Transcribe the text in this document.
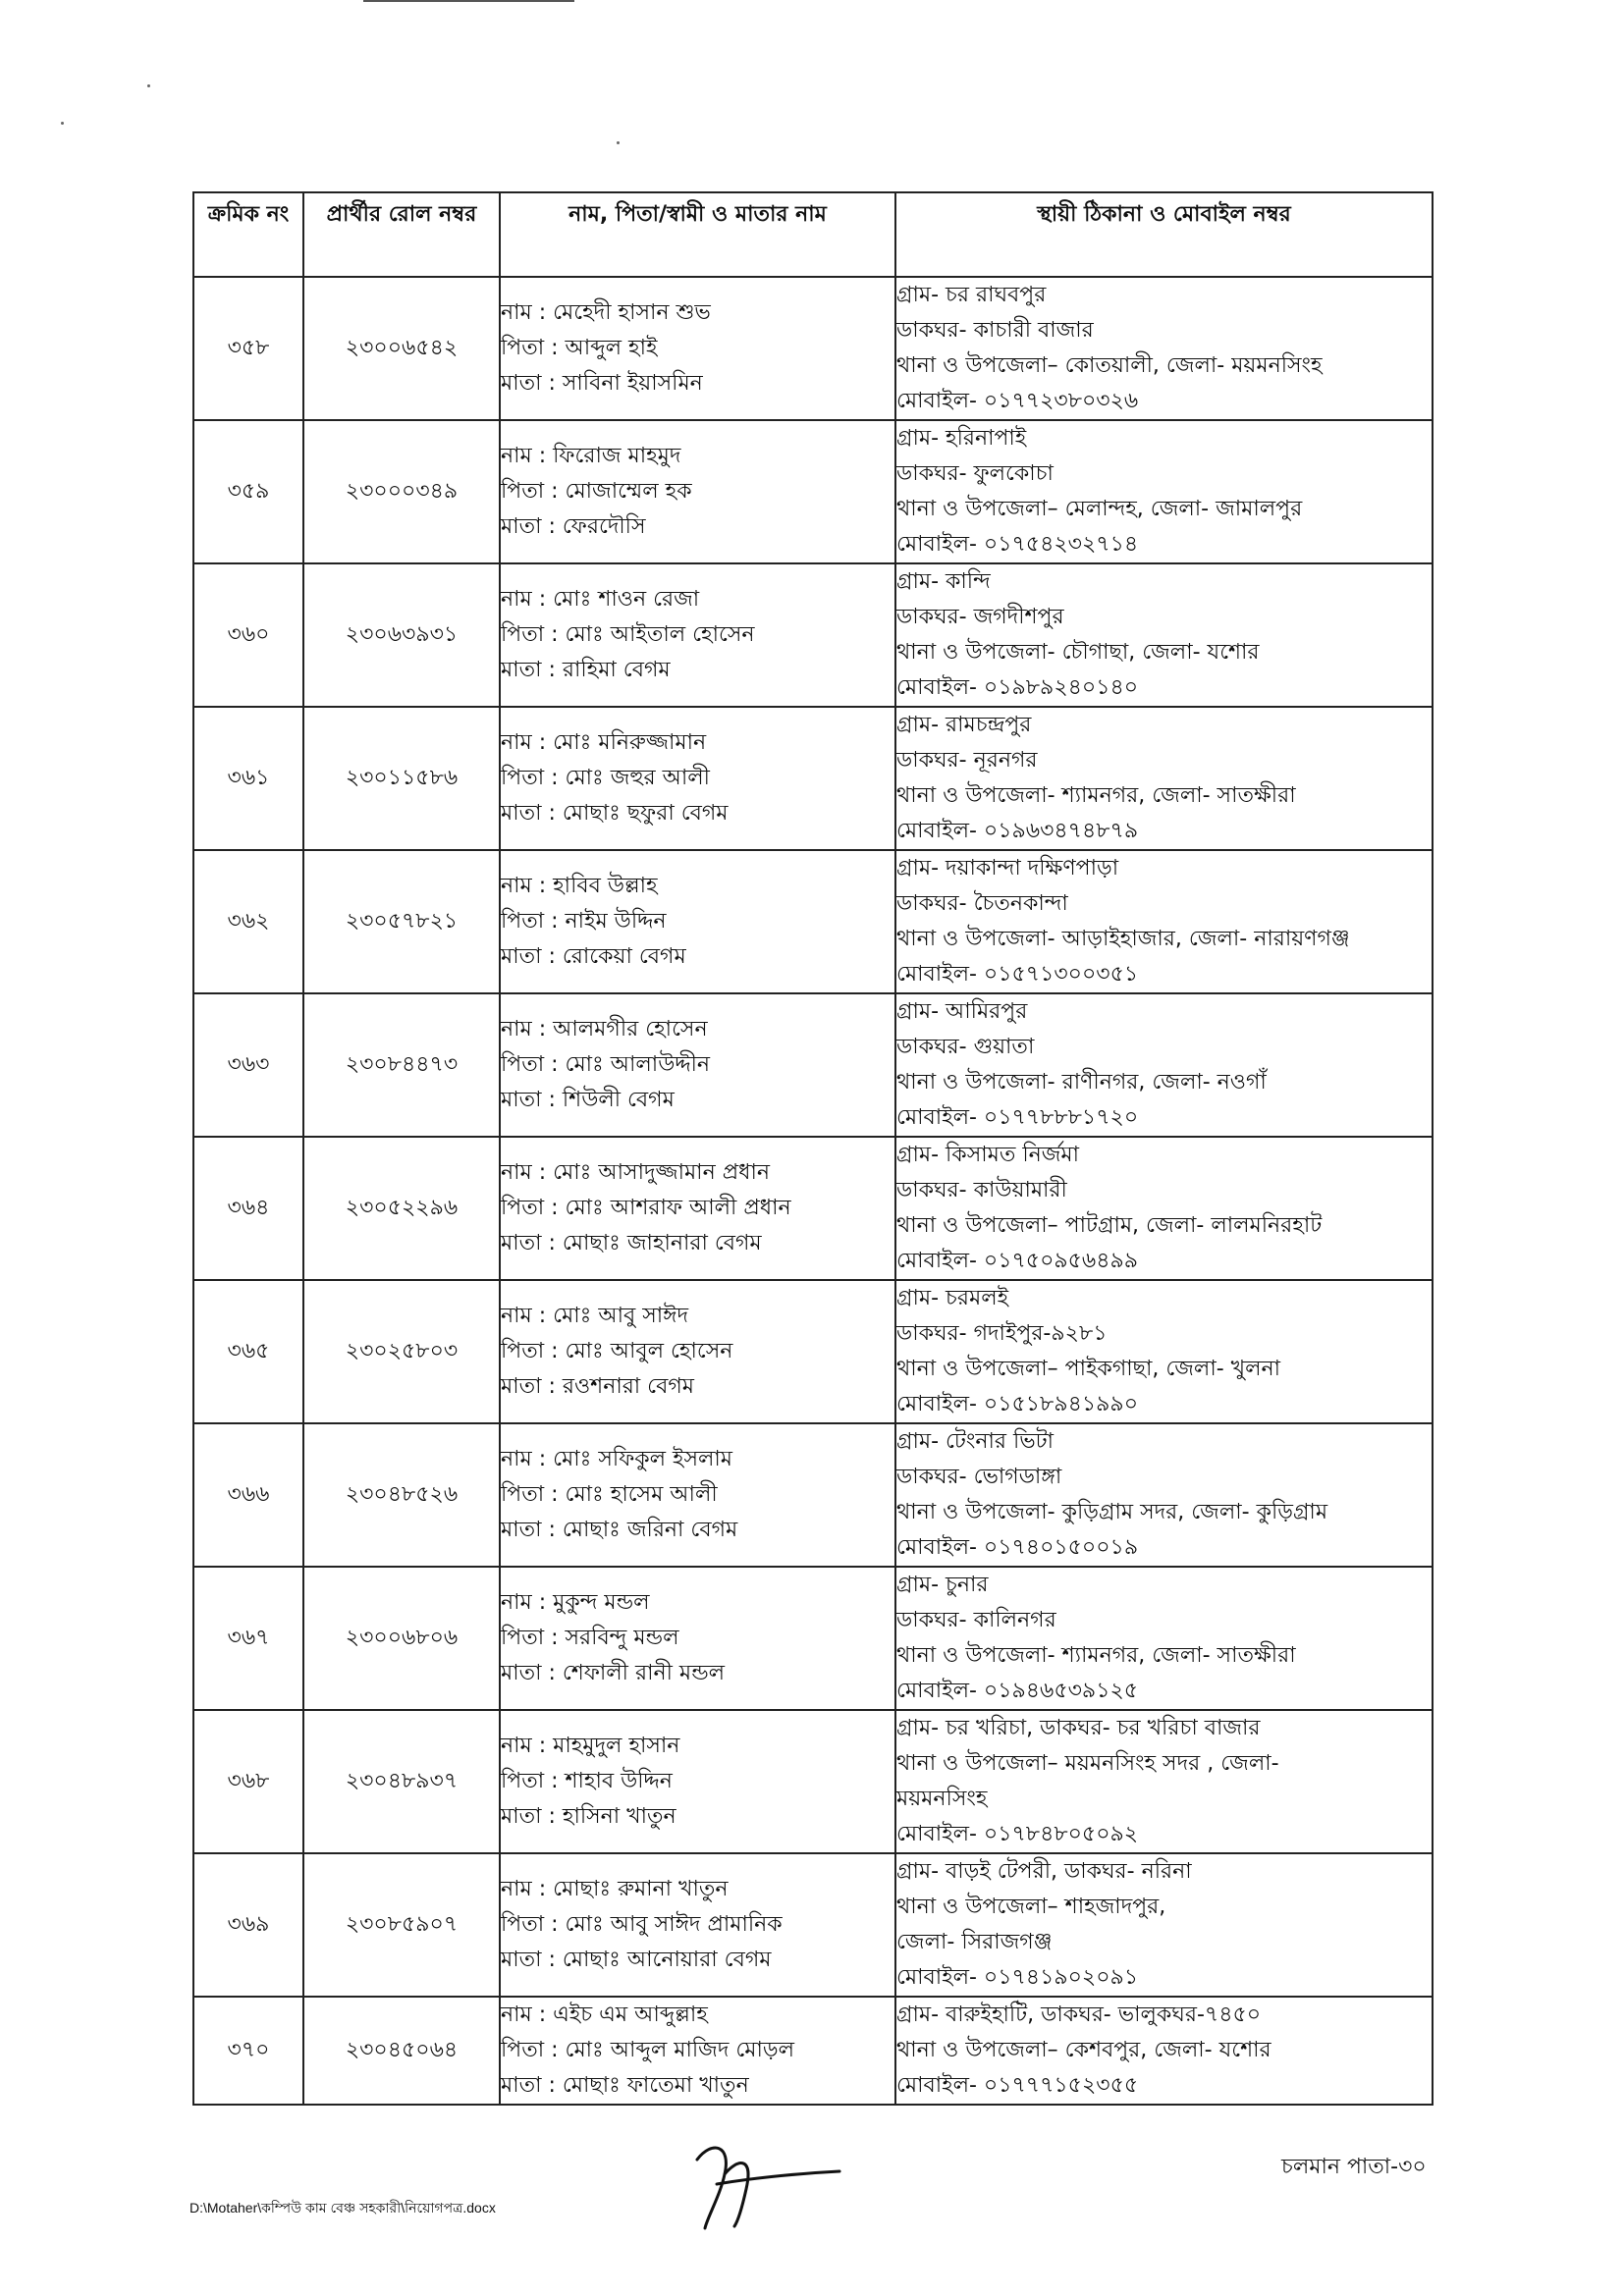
ক্রমিক নং	প্রার্থীর রোল নম্বর	নাম, পিতা/স্বামী ও মাতার নাম	স্থায়ী ঠিকানা ও মোবাইল নম্বর
৩৫৮	২৩০০৬৫৪২	নাম : মেহেদী হাসান শুভ
পিতা : আব্দুল হাই
মাতা : সাবিনা ইয়াসমিন	গ্রাম- চর রাঘবপুর
ডাকঘর- কাচারী বাজার
থানা ও উপজেলা– কোতয়ালী, জেলা- ময়মনসিংহ
মোবাইল- ০১৭৭২৩৮০৩২৬

৩৫৯	২৩০০০৩৪৯	নাম : ফিরোজ মাহমুদ
পিতা : মোজাম্মেল হক
মাতা : ফেরদৌসি	গ্রাম- হরিনাপাই
ডাকঘর- ফুলকোচা
থানা ও উপজেলা– মেলান্দহ, জেলা- জামালপুর
মোবাইল- ০১৭৫৪২৩২৭১৪

৩৬০	২৩০৬৩৯৩১	নাম : মোঃ শাওন রেজা
পিতা : মোঃ আইতাল হোসেন
মাতা : রাহিমা বেগম	গ্রাম- কান্দি
ডাকঘর- জগদীশপুর
থানা ও উপজেলা- চৌগাছা, জেলা- যশোর
মোবাইল- ০১৯৮৯২৪০১৪০

৩৬১	২৩০১১৫৮৬	নাম : মোঃ মনিরুজ্জামান
পিতা : মোঃ জহুর আলী
মাতা : মোছাঃ ছফুরা বেগম	গ্রাম- রামচন্দ্রপুর
ডাকঘর- নূরনগর
থানা ও উপজেলা- শ্যামনগর, জেলা- সাতক্ষীরা
মোবাইল- ০১৯৬৩৪৭৪৮৭৯

৩৬২	২৩০৫৭৮২১	নাম : হাবিব উল্লাহ
পিতা : নাইম উদ্দিন
মাতা : রোকেয়া বেগম	গ্রাম- দয়াকান্দা দক্ষিণপাড়া
ডাকঘর- চৈতনকান্দা
থানা ও উপজেলা- আড়াইহাজার, জেলা- নারায়ণগঞ্জ
মোবাইল- ০১৫৭১৩০০৩৫১

৩৬৩	২৩০৮৪৪৭৩	নাম : আলমগীর হোসেন
পিতা : মোঃ আলাউদ্দীন
মাতা : শিউলী বেগম	গ্রাম- আমিরপুর
ডাকঘর- গুয়াতা
থানা ও উপজেলা- রাণীনগর, জেলা- নওগাঁ
মোবাইল- ০১৭৭৮৮৮১৭২০

৩৬৪	২৩০৫২২৯৬	নাম : মোঃ আসাদুজ্জামান প্রধান
পিতা : মোঃ আশরাফ আলী প্রধান
মাতা : মোছাঃ জাহানারা বেগম	গ্রাম- কিসামত নির্জমা
ডাকঘর- কাউয়ামারী
থানা ও উপজেলা– পাটগ্রাম, জেলা- লালমনিরহাট
মোবাইল- ০১৭৫০৯৫৬৪৯৯

৩৬৫	২৩০২৫৮০৩	নাম : মোঃ আবু সাঈদ
পিতা : মোঃ আবুল হোসেন
মাতা : রওশনারা বেগম	গ্রাম- চরমলই
ডাকঘর- গদাইপুর-৯২৮১
থানা ও উপজেলা– পাইকগাছা, জেলা- খুলনা
মোবাইল- ০১৫১৮৯৪১৯৯০

৩৬৬	২৩০৪৮৫২৬	নাম : মোঃ সফিকুল ইসলাম
পিতা : মোঃ হাসেম আলী
মাতা : মোছাঃ জরিনা বেগম	গ্রাম- টেংনার ভিটা
ডাকঘর- ভোগডাঙ্গা
থানা ও উপজেলা- কুড়িগ্রাম সদর, জেলা- কুড়িগ্রাম
মোবাইল- ০১৭৪০১৫০০১৯

৩৬৭	২৩০০৬৮০৬	নাম : মুকুন্দ মন্ডল
পিতা : সরবিন্দু মন্ডল
মাতা : শেফালী রানী মন্ডল	গ্রাম- চুনার
ডাকঘর- কালিনগর
থানা ও উপজেলা- শ্যামনগর, জেলা- সাতক্ষীরা
মোবাইল- ০১৯৪৬৫৩৯১২৫

৩৬৮	২৩০৪৮৯৩৭	নাম : মাহমুদুল হাসান
পিতা : শাহাব উদ্দিন
মাতা : হাসিনা খাতুন	গ্রাম- চর খরিচা, ডাকঘর- চর খরিচা বাজার
থানা ও উপজেলা– ময়মনসিংহ সদর , জেলা-
ময়মনসিংহ
মোবাইল- ০১৭৮৪৮০৫০৯২

৩৬৯	২৩০৮৫৯০৭	নাম : মোছাঃ রুমানা খাতুন
পিতা : মোঃ আবু সাঈদ প্রামানিক
মাতা : মোছাঃ আনোয়ারা বেগম	গ্রাম- বাড়ই টেপরী, ডাকঘর- নরিনা
থানা ও উপজেলা– শাহজাদপুর,
জেলা- সিরাজগঞ্জ
মোবাইল- ০১৭৪১৯০২০৯১

৩৭০	২৩০৪৫০৬৪	নাম : এইচ এম আব্দুল্লাহ
পিতা : মোঃ আব্দুল মাজিদ মোড়ল
মাতা : মোছাঃ ফাতেমা খাতুন	গ্রাম- বারুইহাটি, ডাকঘর- ভালুকঘর-৭৪৫০
থানা ও উপজেলা– কেশবপুর, জেলা- যশোর
মোবাইল- ০১৭৭৭১৫২৩৫৫
চলমান পাতা-৩০
D:\Motaher\কম্পিউ কাম বেঞ্চ সহকারী\নিয়োগপত্র.docx
